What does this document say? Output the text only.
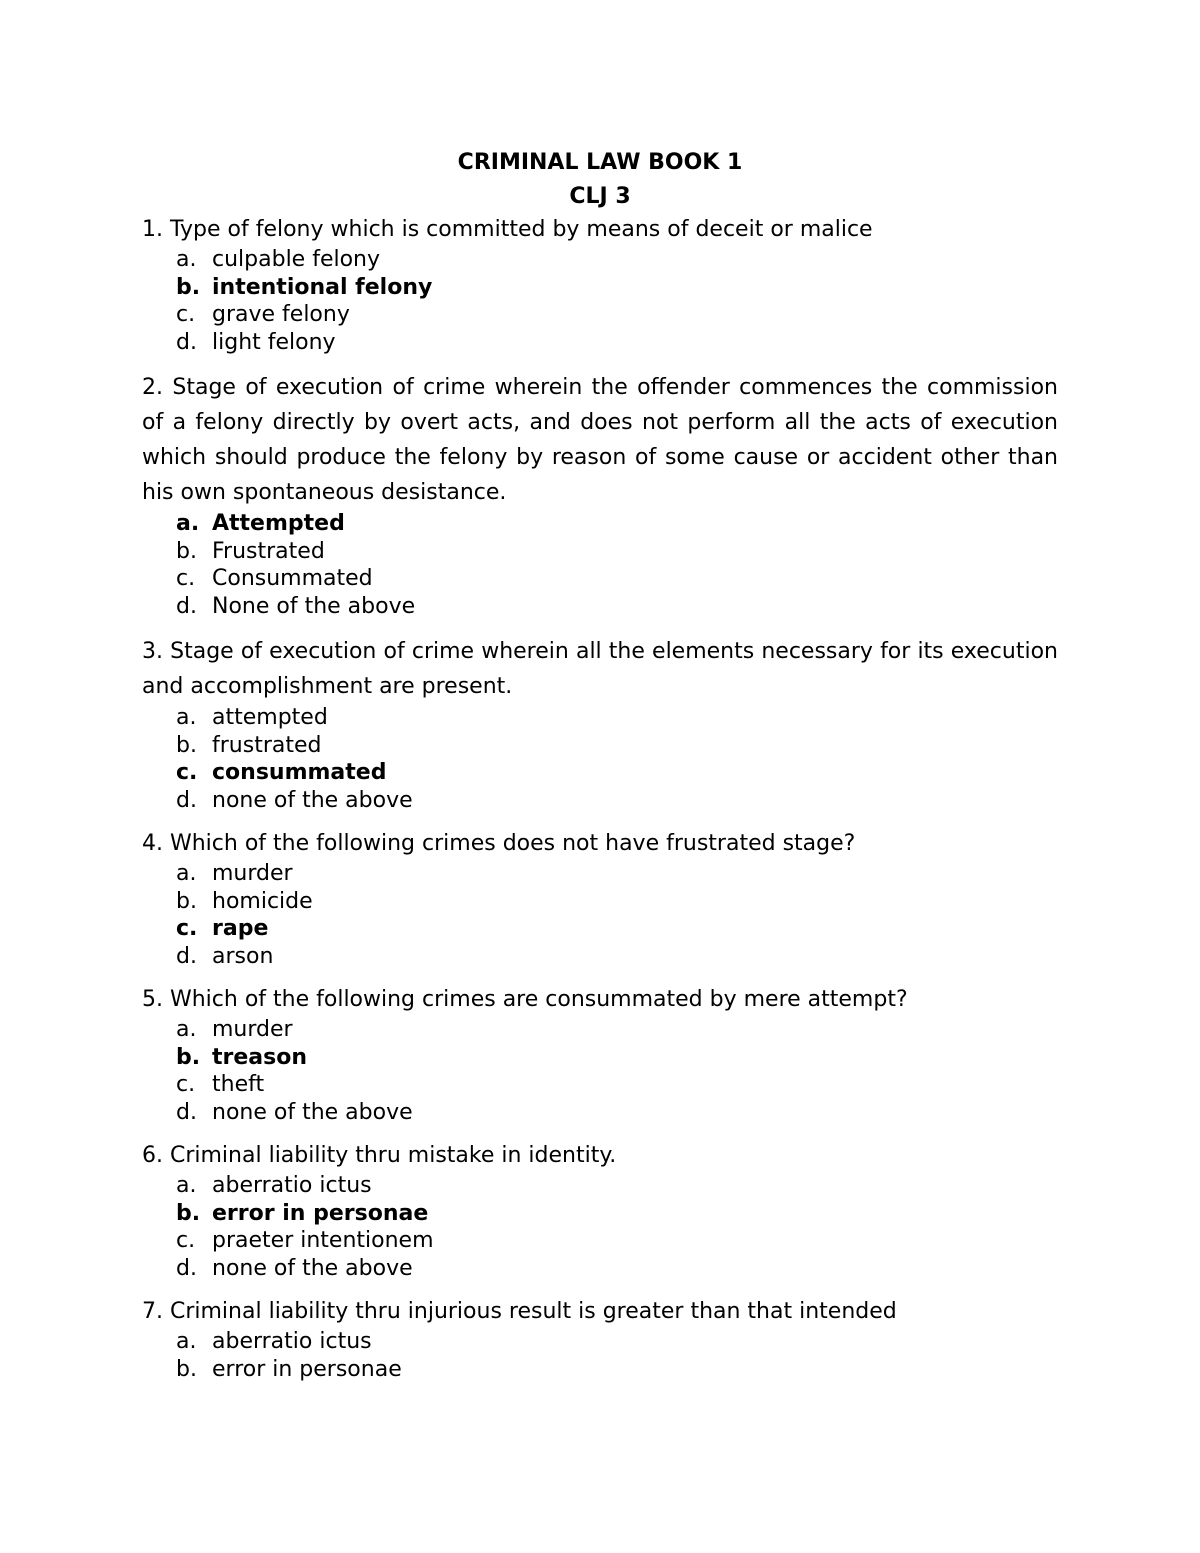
CRIMINAL LAW BOOK 1

CLJ 3

1. Type of felony which is committed by means of deceit or malice

a. culpable felony
b. intentional felony
c. grave felony
d. light felony

2. Stage of execution of crime wherein the offender commences the commission of a felony directly by overt acts, and does not perform all the acts of execution which should produce the felony by reason of some cause or accident other than his own spontaneous desistance.

a. Attempted
b. Frustrated
c. Consummated
d. None of the above

3. Stage of execution of crime wherein all the elements necessary for its execution and accomplishment are present.

a. attempted
b. frustrated
c. consummated
d. none of the above

4. Which of the following crimes does not have frustrated stage?

a. murder
b. homicide
c. rape
d. arson

5. Which of the following crimes are consummated by mere attempt?

a. murder
b. treason
c. theft
d. none of the above

6. Criminal liability thru mistake in identity.

a. aberratio ictus
b. error in personae
c. praeter intentionem
d. none of the above

7. Criminal liability thru injurious result is greater than that intended

a. aberratio ictus
b. error in personae
